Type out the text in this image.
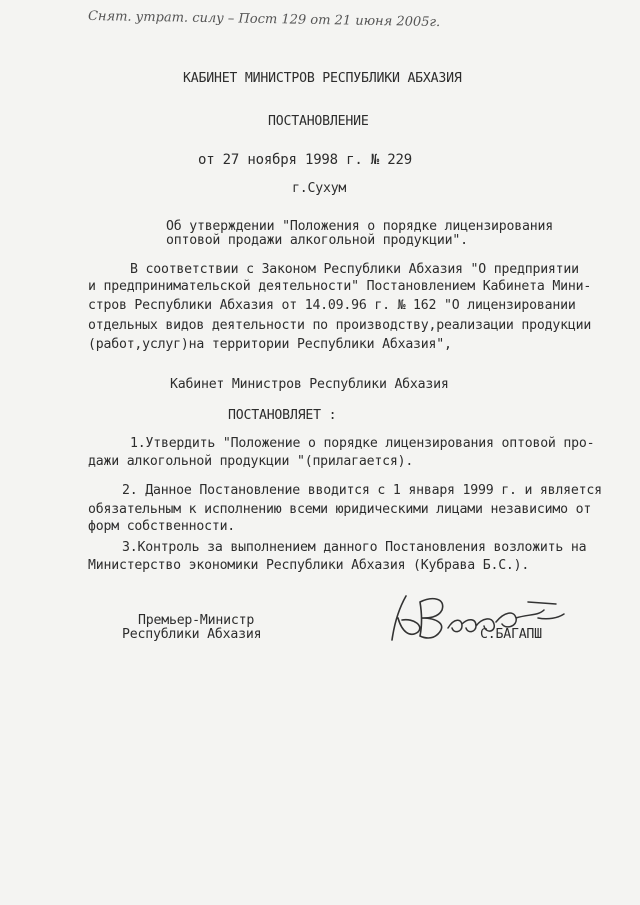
Снят. утрат. силу – Пост 129 от 21 июня 2005г.
КАБИНЕТ МИНИСТРОВ РЕСПУБЛИКИ АБХАЗИЯ
ПОСТАНОВЛЕНИЕ
от 27 ноября 1998 г. № 229
г.Сухум
Об утверждении "Положения о порядке лицензирования
оптовой продажи алкогольной продукции".
В соответствии с Законом Республики Абхазия "О предприятии
и предпринимательской деятельности" Постановлением Кабинета Мини-
стров Республики Абхазия от 14.09.96 г. № 162 "О лицензировании
отдельных видов деятельности по производству,реализации продукции
(работ,услуг)на территории Республики Абхазия",
Кабинет Министров Республики Абхазия
ПОСТАНОВЛЯЕТ :
1.Утвердить "Положение о порядке лицензирования оптовой про-
дажи алкогольной продукции "(прилагается).
2. Данное Постановление вводится с 1 января 1999 г. и является
обязательным к исполнению всеми юридическими лицами независимо от
форм собственности.
3.Контроль за выполнением данного Постановления возложить на
Министерство экономики Республики Абхазия (Кубрава Б.С.).
Премьер-Министр
Республики Абхазия	С.БАГАПШ
